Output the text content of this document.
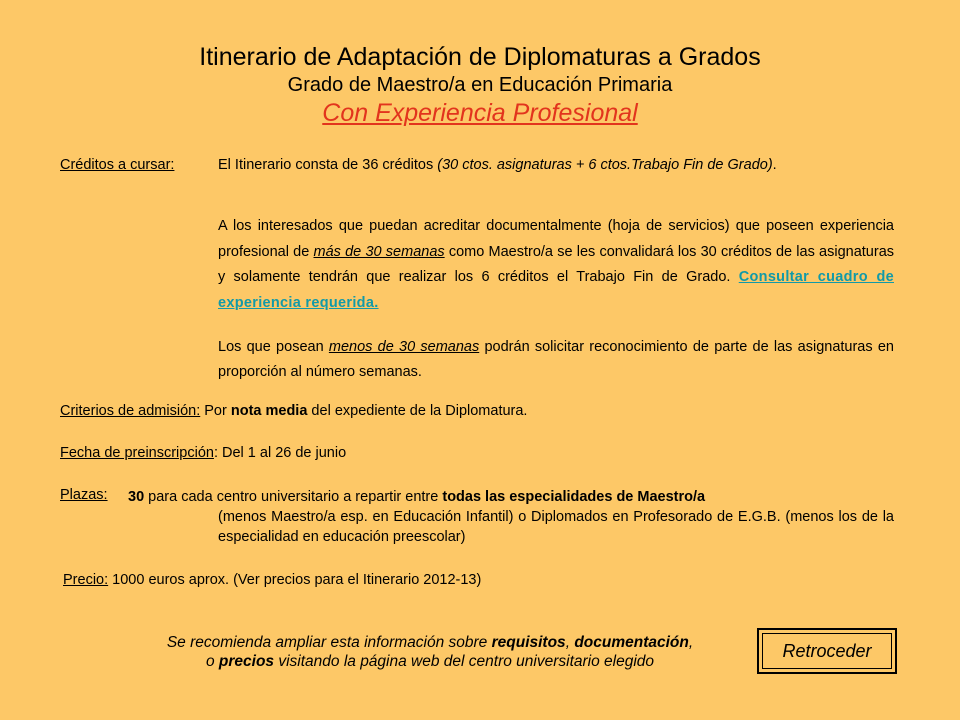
Itinerario de Adaptación de Diplomaturas a Grados
Grado de Maestro/a en Educación Primaria
Con Experiencia Profesional
Créditos a cursar:	El Itinerario consta de 36 créditos (30 ctos. asignaturas + 6 ctos.Trabajo Fin de Grado).
A los interesados que puedan acreditar documentalmente (hoja de servicios) que poseen experiencia profesional de más de 30 semanas como Maestro/a se les convalidará los 30 créditos de las asignaturas y solamente tendrán que realizar los 6 créditos el Trabajo Fin de Grado. Consultar cuadro de experiencia requerida.
Los que posean menos de 30 semanas podrán solicitar reconocimiento de parte de las asignaturas en proporción al número semanas.
Criterios de admisión: Por nota media del expediente de la Diplomatura.
Fecha de preinscripción: Del 1 al 26 de junio
Plazas: 30 para cada centro universitario a repartir entre todas las especialidades de Maestro/a
(menos Maestro/a esp. en Educación Infantil) o Diplomados en Profesorado de E.G.B. (menos los de la especialidad en educación preescolar)
Precio: 1000 euros aprox. (Ver precios para el Itinerario 2012-13)
Se recomienda ampliar esta información sobre requisitos, documentación,
o precios visitando la página web del centro universitario elegido
Retroceder
